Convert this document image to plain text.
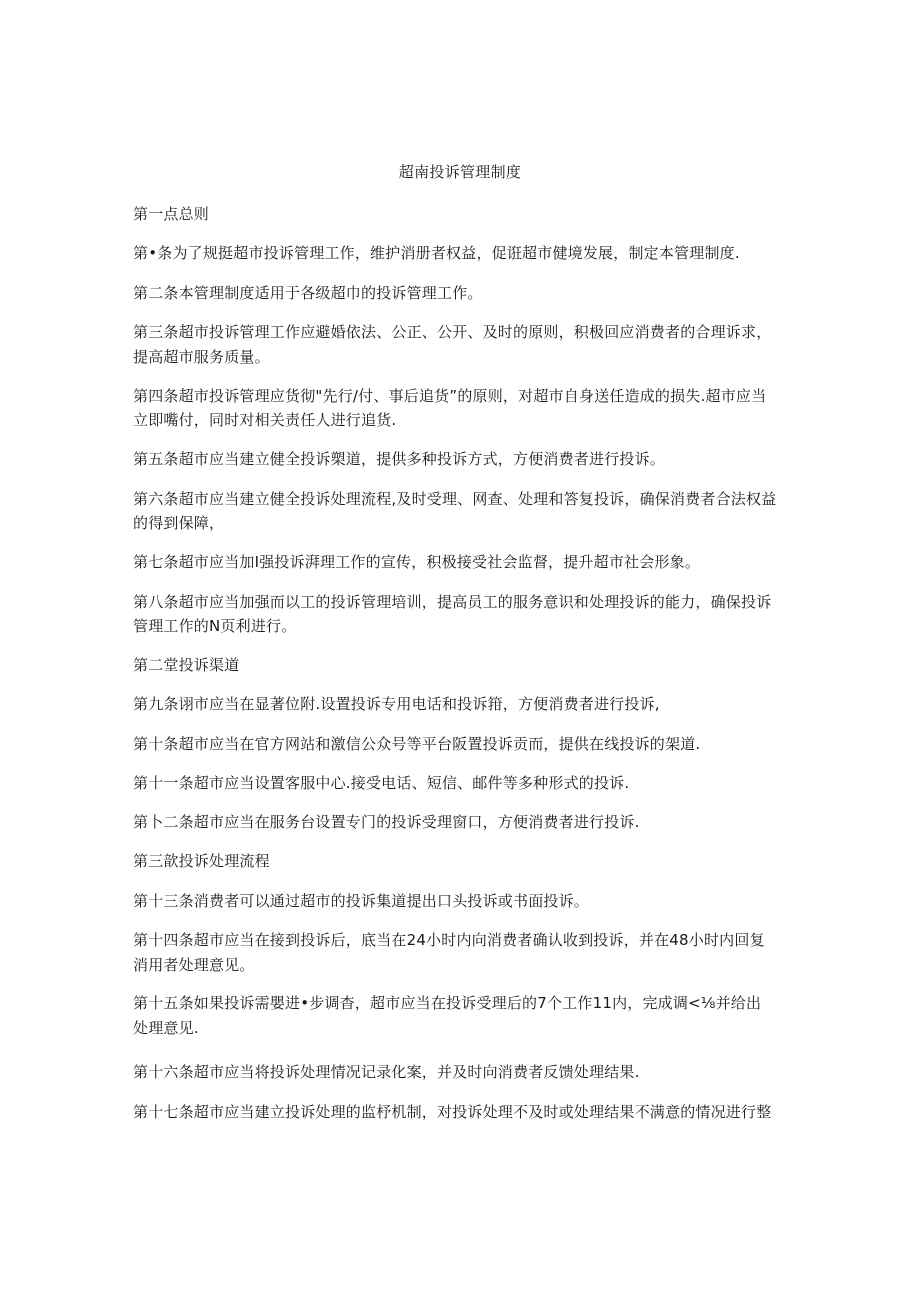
超南投诉管理制度
第一点总则
第•条为了规挺超市投诉管理工作，维护消册者权益，促诳超市健境发展，制定本管理制度.
第二条本管理制度适用于各级超巾的投诉管理工作。
第三条超市投诉管理工作应避婚依法、公正、公开、及时的原则，积极回应消费者的合理诉求，
提高超市服务质量。
第四条超市投诉管理应货彻"先行/付、事后追货”的原则，对超市自身送任造成的损失.超市应当
立即嘴付，同时对相关责任人进行追货.
第五条超市应当建立健全投诉槊道，提供多种投诉方式，方便消费者进行投诉。
第六条超市应当建立健全投诉处理流程,及时受理、网查、处理和答复投诉，确保消费者合法权益
的得到保障，
第七条超市应当加I强投诉湃理工作的宣传，积极接受社会监督，提升超市社会形象。
第八条超市应当加强而以工的投诉管理培训，提高员工的服务意识和处理投诉的能力，确保投诉
管理工作的N页利进行。
第二堂投诉渠道
第九条诩市应当在显著位附.设置投诉专用电话和投诉箝，方便消费者进行投诉,
第十条超市应当在官方网站和激信公众号等平台阪置投诉贡而，提供在线投诉的架道.
第十一条超市应当设置客服中心.接受电话、短信、邮件等多种形式的投诉.
第卜二条超市应当在服务台设置专门的投诉受理窗口，方便消费者进行投诉.
第三歆投诉处理流程
第十三条消费者可以通过超市的投诉集道提出口头投诉或书面投诉。
第十四条超市应当在接到投诉后，底当在24小时内向消费者确认收到投诉，并在48小时内回复
消用者处理意见。
第十五条如果投诉需嬰进•步调杳，超市应当在投诉受理后的7个工作11内，完成调<⅛并给出
处理意见.
第十六条超市应当将投诉处理情况记录化案，并及时向消费者反馈处理结果.
第十七条超市应当建立投诉处理的监杼机制，对投诉处理不及时或处理结果不满意的情况进行整
